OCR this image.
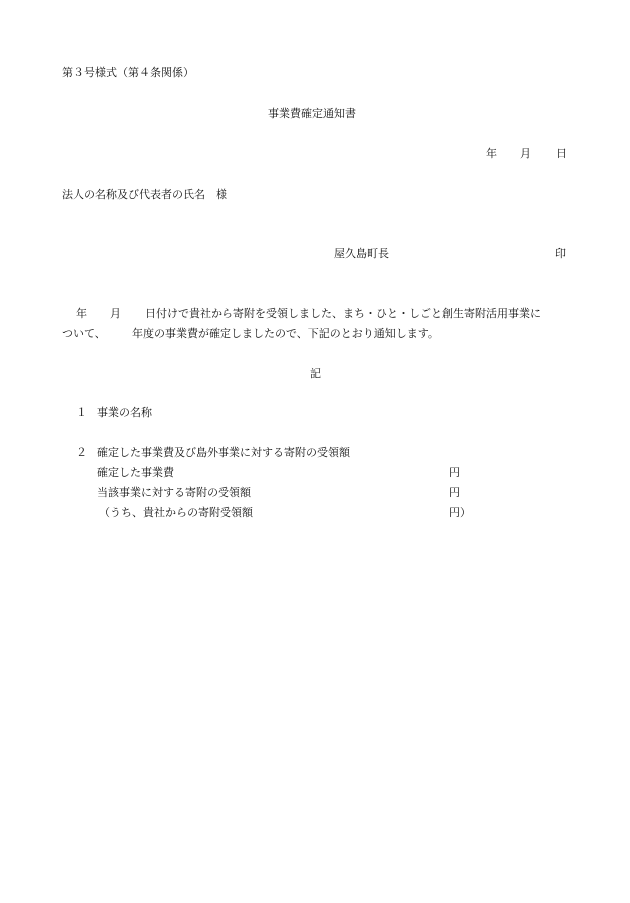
第３号様式（第４条関係）
事業費確定通知書
年 月 日
法人の名称及び代表者の氏名　様
屋久島町長	印
年 月 日付けで貴社から寄附を受領しました、まち・ひと・しごと創生寄附活用事業に
ついて、 年度の事業費が確定しましたので、下記のとおり通知します。
記
１ 事業の名称
２ 確定した事業費及び島外事業に対する寄附の受領額
確定した事業費	円
当該事業に対する寄附の受領額	円
（うち、貴社からの寄附受領額	円）
